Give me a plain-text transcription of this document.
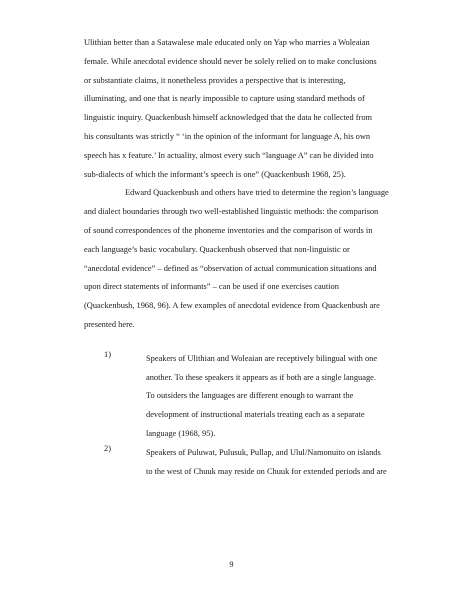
Ulithian better than a Satawalese male educated only on Yap who marries a Woleaian
female. While anecdotal evidence should never be solely relied on to make conclusions
or substantiate claims, it nonetheless provides a perspective that is interesting,
illuminating, and one that is nearly impossible to capture using standard methods of
linguistic inquiry. Quackenbush himself acknowledged that the data he collected from
his consultants was strictly “ ‘in the opinion of the informant for language A, his own
speech has x feature.’ In actuality, almost every such “language A” can be divided into
sub-dialects of which the informant’s speech is one” (Quackenbush 1968, 25).
Edward Quackenbush and others have tried to determine the region’s language
and dialect boundaries through two well-established linguistic methods: the comparison
of sound correspondences of the phoneme inventories and the comparison of words in
each language’s basic vocabulary. Quackenbush observed that non-linguistic or
“anecdotal evidence” – defined as “observation of actual communication situations and
upon direct statements of informants” – can be used if one exercises caution
(Quackenbush, 1968, 96). A few examples of anecdotal evidence from Quackenbush are
presented here.
1)	Speakers of Ulithian and Woleaian are receptively bilingual with one
another. To these speakers it appears as if both are a single language.
To outsiders the languages are different enough to warrant the
development of instructional materials treating each as a separate
language (1968, 95).
2)	Speakers of Puluwat, Pulusuk, Pullap, and Ulul/Namonuito on islands
to the west of Chuuk may reside on Chuuk for extended periods and are
9
